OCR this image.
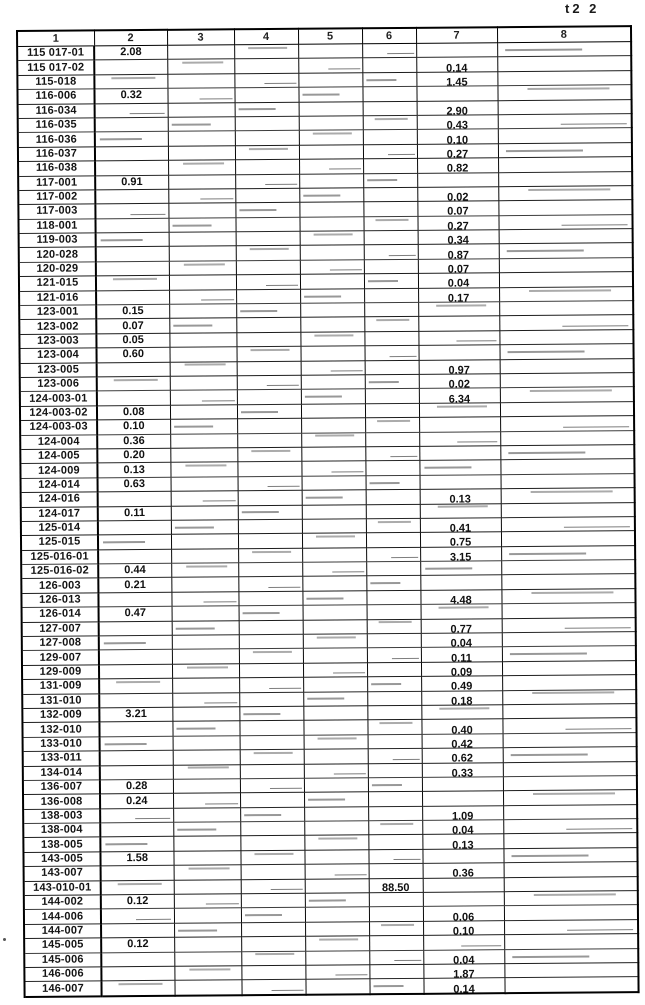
t2 2
1	2	3	4	5	6	7	8
115 017-01	2.08						
115 017-02						0.14	
115-018						1.45	
116-006	0.32						
116-034						2.90	
116-035						0.43	
116-036						0.10	
116-037						0.27	
116-038						0.82	
117-001	0.91						
117-002						0.02	
117-003						0.07	
118-001						0.27	
119-003						0.34	
120-028						0.87	
120-029						0.07	
121-015						0.04	
121-016						0.17	
123-001	0.15						
123-002	0.07						
123-003	0.05						
123-004	0.60						
123-005						0.97	
123-006						0.02	
124-003-01						6.34	
124-003-02	0.08						
124-003-03	0.10						
124-004	0.36						
124-005	0.20						
124-009	0.13						
124-014	0.63						
124-016						0.13	
124-017	0.11						
125-014						0.41	
125-015						0.75	
125-016-01						3.15	
125-016-02	0.44						
126-003	0.21						
126-013						4.48	
126-014	0.47						
127-007						0.77	
127-008						0.04	
129-007						0.11	
129-009						0.09	
131-009						0.49	
131-010						0.18	
132-009	3.21						
132-010						0.40	
133-010						0.42	
133-011						0.62	
134-014						0.33	
136-007	0.28						
136-008	0.24						
138-003						1.09	
138-004						0.04	
138-005						0.13	
143-005	1.58						
143-007						0.36	
143-010-01					88.50		
144-002	0.12						
144-006						0.06	
144-007						0.10	
145-005	0.12						
145-006						0.04	
146-006						1.87	
146-007						0.14	
